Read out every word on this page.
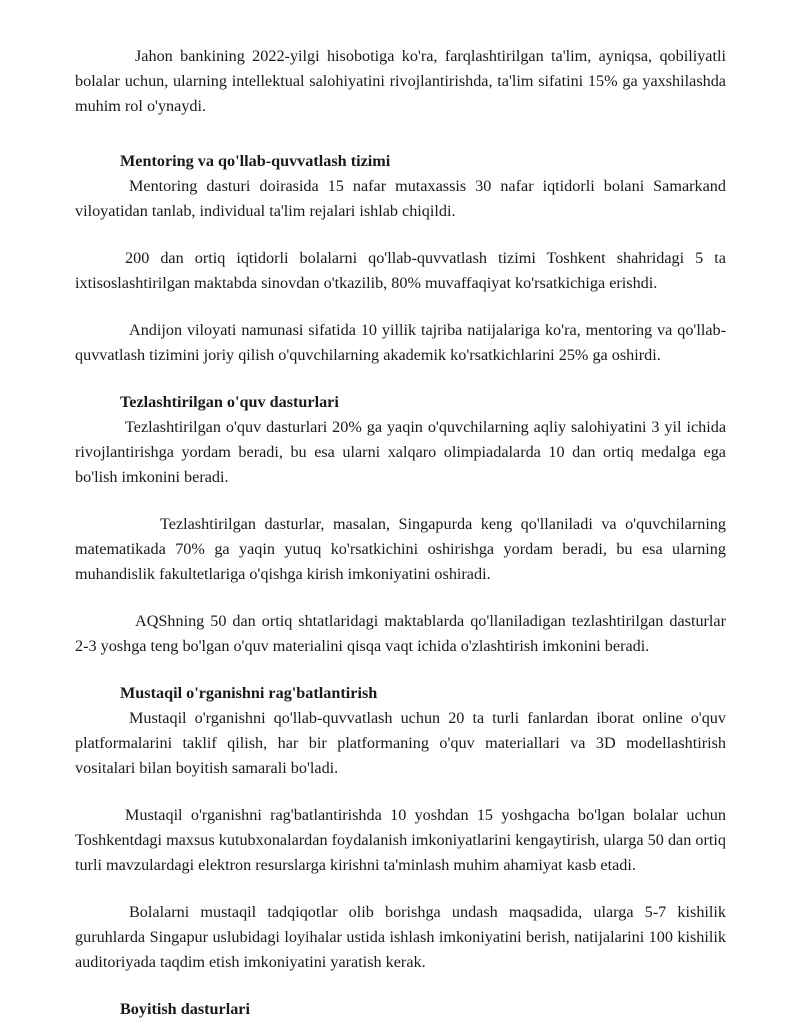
Jahon bankining 2022-yilgi hisobotiga ko'ra, farqlashtirilgan ta'lim, ayniqsa, qobiliyatli bolalar uchun, ularning intellektual salohiyatini rivojlantirishda, ta'lim sifatini 15% ga yaxshilashda muhim rol o'ynaydi.

Mentoring va qo'llab-quvvatlash tizimi

Mentoring dasturi doirasida 15 nafar mutaxassis 30 nafar iqtidorli bolani Samarkand viloyatidan tanlab, individual ta'lim rejalari ishlab chiqildi.

200 dan ortiq iqtidorli bolalarni qo'llab-quvvatlash tizimi Toshkent shahridagi 5 ta ixtisoslashtirilgan maktabda sinovdan o'tkazilib, 80% muvaffaqiyat ko'rsatkichiga erishdi.

Andijon viloyati namunasi sifatida 10 yillik tajriba natijalariga ko'ra, mentoring va qo'llab-quvvatlash tizimini joriy qilish o'quvchilarning akademik ko'rsatkichlarini 25% ga oshirdi.

Tezlashtirilgan o'quv dasturlari

Tezlashtirilgan o'quv dasturlari 20% ga yaqin o'quvchilarning aqliy salohiyatini 3 yil ichida rivojlantirishga yordam beradi, bu esa ularni xalqaro olimpiadalarda 10 dan ortiq medalga ega bo'lish imkonini beradi.

Tezlashtirilgan dasturlar, masalan, Singapurda keng qo'llaniladi va o'quvchilarning matematikada 70% ga yaqin yutuq ko'rsatkichini oshirishga yordam beradi, bu esa ularning muhandislik fakultetlariga o'qishga kirish imkoniyatini oshiradi.

AQShning 50 dan ortiq shtatlaridagi maktablarda qo'llaniladigan tezlashtirilgan dasturlar 2-3 yoshga teng bo'lgan o'quv materialini qisqa vaqt ichida o'zlashtirish imkonini beradi.

Mustaqil o'rganishni rag'batlantirish

Mustaqil o'rganishni qo'llab-quvvatlash uchun 20 ta turli fanlardan iborat online o'quv platformalarini taklif qilish, har bir platformaning o'quv materiallari va 3D modellashtirish vositalari bilan boyitish samarali bo'ladi.

Mustaqil o'rganishni rag'batlantirishda 10 yoshdan 15 yoshgacha bo'lgan bolalar uchun Toshkentdagi maxsus kutubxonalardan foydalanish imkoniyatlarini kengaytirish, ularga 50 dan ortiq turli mavzulardagi elektron resurslarga kirishni ta'minlash muhim ahamiyat kasb etadi.

Bolalarni mustaqil tadqiqotlar olib borishga undash maqsadida, ularga 5-7 kishilik guruhlarda Singapur uslubidagi loyihalar ustida ishlash imkoniyatini berish, natijalarini 100 kishilik auditoriyada taqdim etish imkoniyatini yaratish kerak.

Boyitish dasturlari
